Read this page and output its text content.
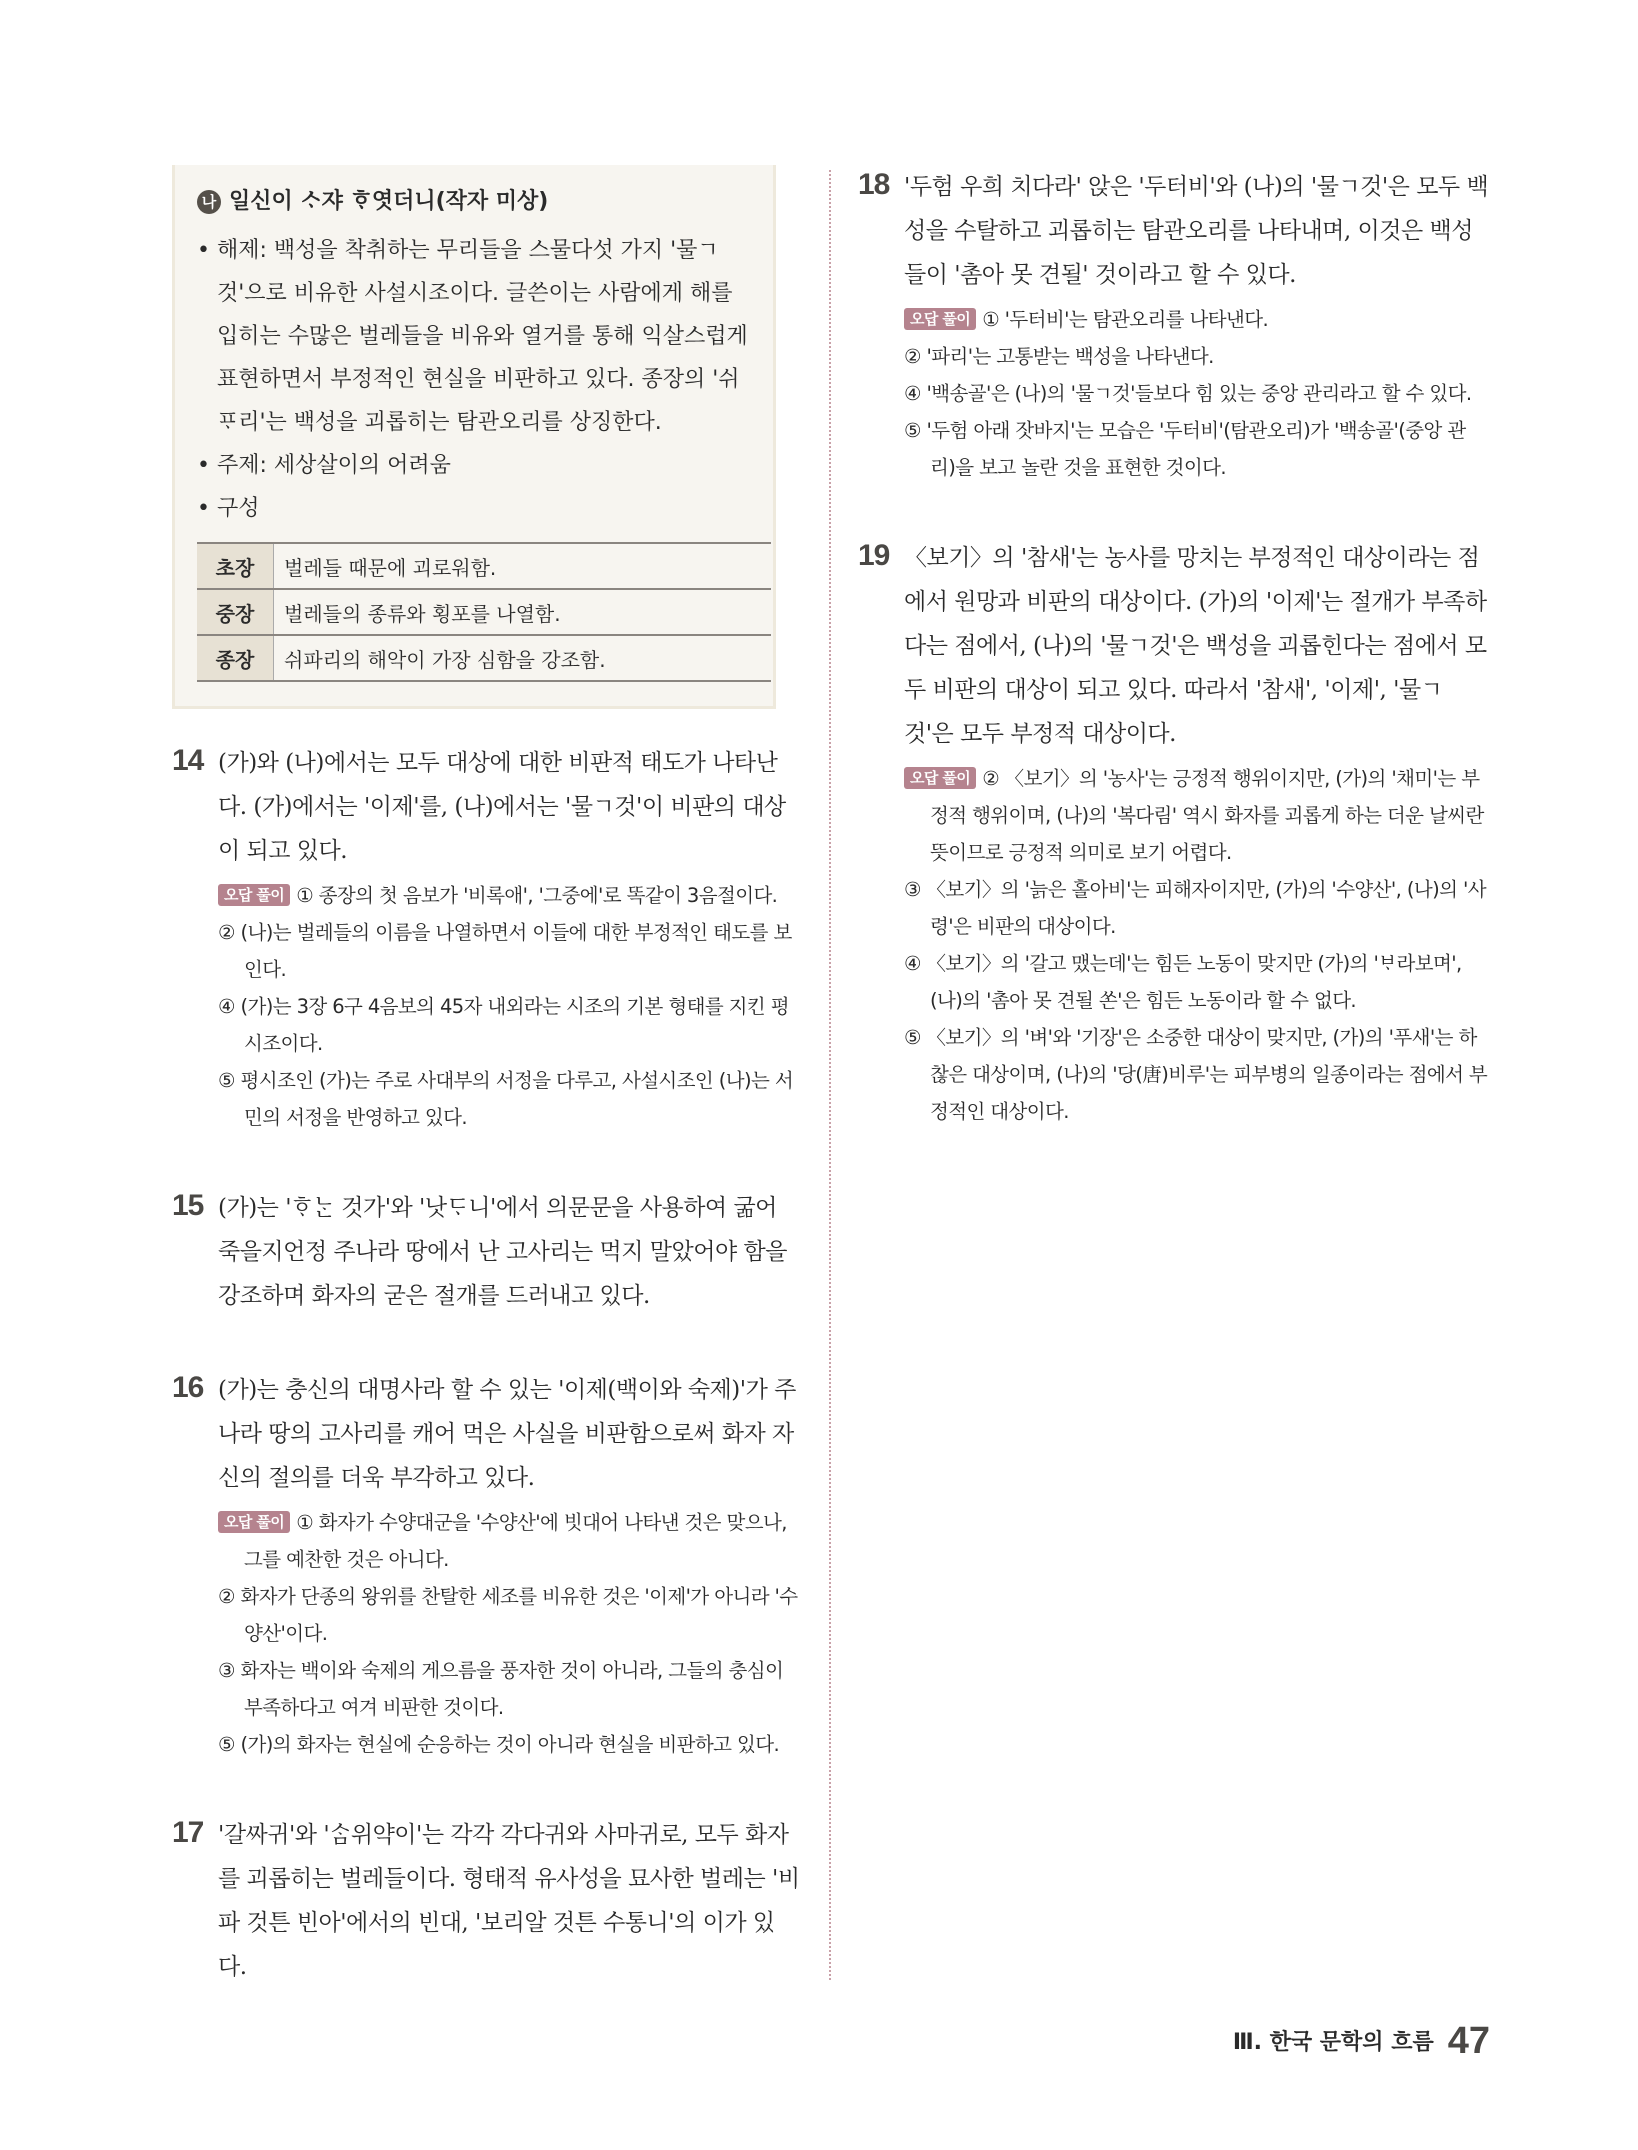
나 일신이 ᄉᆞ쟈 ᄒᆞ엿더니(작자 미상)
• 해제: 백성을 착취하는 무리들을 스물다섯 가지 '물ㄱ것'으로 비유한 사설시조이다. 글쓴이는 사람에게 해를 입히는 수많은 벌레들을 비유와 열거를 통해 익살스럽게 표현하면서 부정적인 현실을 비판하고 있다. 종장의 '쉬ᄑᆞ리'는 백성을 괴롭히는 탐관오리를 상징한다.
• 주제: 세상살이의 어려움
• 구성
초장	벌레들 때문에 괴로워함.
중장	벌레들의 종류와 횡포를 나열함.
종장	쉬파리의 해악이 가장 심함을 강조함.
14 (가)와 (나)에서는 모두 대상에 대한 비판적 태도가 나타난다. (가)에서는 '이제'를, (나)에서는 '물ㄱ것'이 비판의 대상이 되고 있다.

오답 풀이 ① 종장의 첫 음보가 '비록애', '그중에'로 똑같이 3음절이다.

② (나)는 벌레들의 이름을 나열하면서 이들에 대한 부정적인 태도를 보인다.

④ (가)는 3장 6구 4음보의 45자 내외라는 시조의 기본 형태를 지킨 평시조이다.

⑤ 평시조인 (가)는 주로 사대부의 서정을 다루고, 사설시조인 (나)는 서민의 서정을 반영하고 있다.

15 (가)는 'ᄒᆞᄂᆞᆫ 것가'와 '낫ᄃᆞ니'에서 의문문을 사용하여 굶어 죽을지언정 주나라 땅에서 난 고사리는 먹지 말았어야 함을 강조하며 화자의 굳은 절개를 드러내고 있다.
16 (가)는 충신의 대명사라 할 수 있는 '이제(백이와 숙제)'가 주나라 땅의 고사리를 캐어 먹은 사실을 비판함으로써 화자 자신의 절의를 더욱 부각하고 있다.

오답 풀이 ① 화자가 수양대군을 '수양산'에 빗대어 나타낸 것은 맞으나, 그를 예찬한 것은 아니다.

② 화자가 단종의 왕위를 찬탈한 세조를 비유한 것은 '이제'가 아니라 '수양산'이다.

③ 화자는 백이와 숙제의 게으름을 풍자한 것이 아니라, 그들의 충심이 부족하다고 여겨 비판한 것이다.

⑤ (가)의 화자는 현실에 순응하는 것이 아니라 현실을 비판하고 있다.

17 '갈ᄶᅡ귀'와 'ᄉᆞᆷ위약이'는 각각 각다귀와 사마귀로, 모두 화자를 괴롭히는 벌레들이다. 형태적 유사성을 묘사한 벌레는 '비파 것튼 빈아'에서의 빈대, '보리알 것튼 수통니'의 이가 있다.
18 '두험 우희 치다라' 앉은 '두터비'와 (나)의 '물ㄱ것'은 모두 백성을 수탈하고 괴롭히는 탐관오리를 나타내며, 이것은 백성들이 '촘아 못 견될' 것이라고 할 수 있다.

오답 풀이 ① '두터비'는 탐관오리를 나타낸다.

② '파리'는 고통받는 백성을 나타낸다.

④ '백송골'은 (나)의 '물ㄱ것'들보다 힘 있는 중앙 관리라고 할 수 있다.

⑤ '두험 아래 잣바지'는 모습은 '두터비'(탐관오리)가 '백송골'(중앙 관리)을 보고 놀란 것을 표현한 것이다.

19 〈보기〉의 '참새'는 농사를 망치는 부정적인 대상이라는 점에서 원망과 비판의 대상이다. (가)의 '이제'는 절개가 부족하다는 점에서, (나)의 '물ㄱ것'은 백성을 괴롭힌다는 점에서 모두 비판의 대상이 되고 있다. 따라서 '참새', '이제', '물ㄱ것'은 모두 부정적 대상이다.

오답 풀이 ② 〈보기〉의 '농사'는 긍정적 행위이지만, (가)의 '채미'는 부정적 행위이며, (나)의 '복다림' 역시 화자를 괴롭게 하는 더운 날씨란 뜻이므로 긍정적 의미로 보기 어렵다.

③ 〈보기〉의 '늙은 홀아비'는 피해자이지만, (가)의 '수양산', (나)의 '사령'은 비판의 대상이다.

④ 〈보기〉의 '갈고 맸는데'는 힘든 노동이 맞지만 (가)의 'ᄇᆞ라보며', (나)의 '촘아 못 견될 쏜'은 힘든 노동이라 할 수 없다.

⑤ 〈보기〉의 '벼'와 '기장'은 소중한 대상이 맞지만, (가)의 '푸새'는 하찮은 대상이며, (나)의 '당(唐)비루'는 피부병의 일종이라는 점에서 부정적인 대상이다.

Ⅲ. 한국 문학의 흐름 47
